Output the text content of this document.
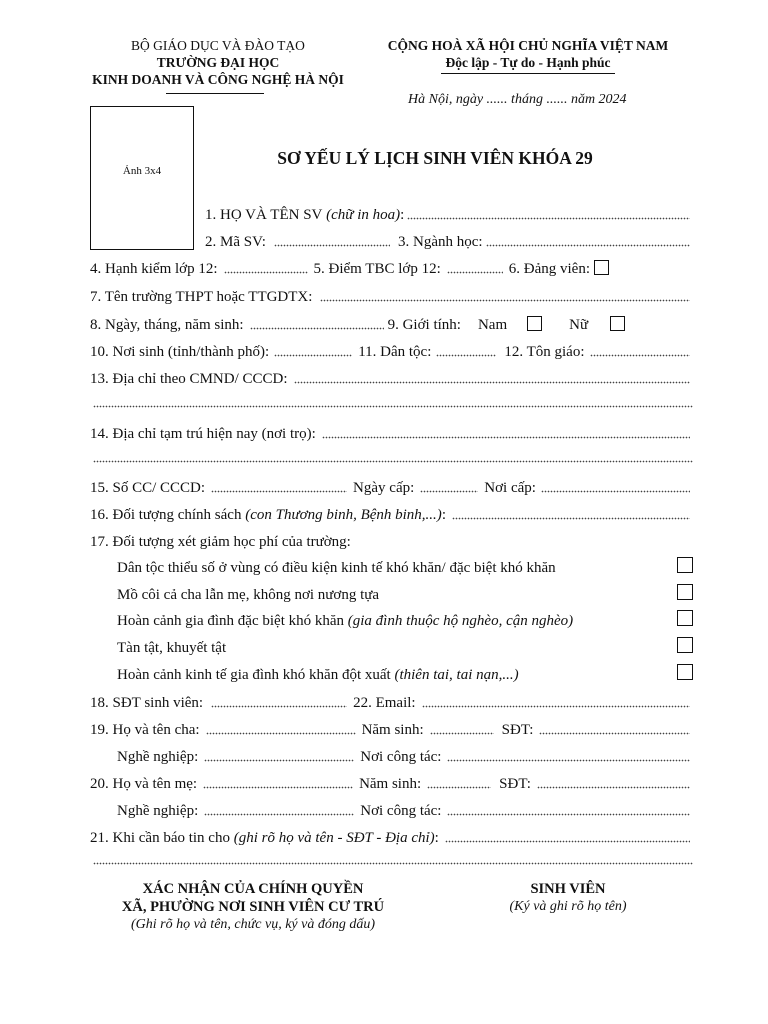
BỘ GIÁO DỤC VÀ ĐÀO TẠO
TRƯỜNG ĐẠI HỌC
KINH DOANH VÀ CÔNG NGHỆ HÀ NỘI
CỘNG HOÀ XÃ HỘI CHỦ NGHĨA VIỆT NAM
Độc lập - Tự do - Hạnh phúc
Hà Nội, ngày ...... tháng ...... năm 2024
Ảnh 3x4
SƠ YẾU LÝ LỊCH SINH VIÊN KHÓA 29
1. HỌ VÀ TÊN SV
(chữ in hoa) :
2. Mã SV:	3. Ngành học:
4. Hạnh kiểm lớp 12:	5. Điểm TBC lớp 12:	6. Đảng viên:
7. Tên trường THPT hoặc TTGDTX:
8. Ngày, tháng, năm sinh:	9. Giới tính: Nam	Nữ
10. Nơi sinh (tỉnh/thành phố):	11. Dân tộc:	12. Tôn giáo:
13. Địa chỉ theo CMND/ CCCD:
14. Địa chỉ tạm trú hiện nay (nơi trọ):
15. Số CC/ CCCD:	Ngày cấp:	Nơi cấp:
16. Đối tượng chính sách
(con Thương binh, Bệnh binh,...) :
17. Đối tượng xét giảm học phí của trường:
Dân tộc thiểu số ở vùng có điều kiện kinh tế khó khăn/ đặc biệt khó khăn
Mồ côi cả cha lẫn mẹ, không nơi nương tựa
Hoàn cảnh gia đình đặc biệt khó khăn
(gia đình thuộc hộ nghèo, cận nghèo)
Tàn tật, khuyết tật
Hoàn cảnh kinh tế gia đình khó khăn đột xuất
(thiên tai, tai nạn,...)
18. SĐT sinh viên:	22. Email:
19. Họ và tên cha:	Năm sinh:	SĐT:
Nghề nghiệp:	Nơi công tác:
20. Họ và tên mẹ:	Năm sinh:	SĐT:
Nghề nghiệp:	Nơi công tác:
21. Khi cần báo tin cho
(ghi rõ họ và tên - SĐT - Địa chỉ) :
XÁC NHẬN CỦA CHÍNH QUYỀN
XÃ, PHƯỜNG NƠI SINH VIÊN CƯ TRÚ
(Ghi rõ họ và tên, chức vụ, ký và đóng dấu)
SINH VIÊN
(Ký và ghi rõ họ tên)
